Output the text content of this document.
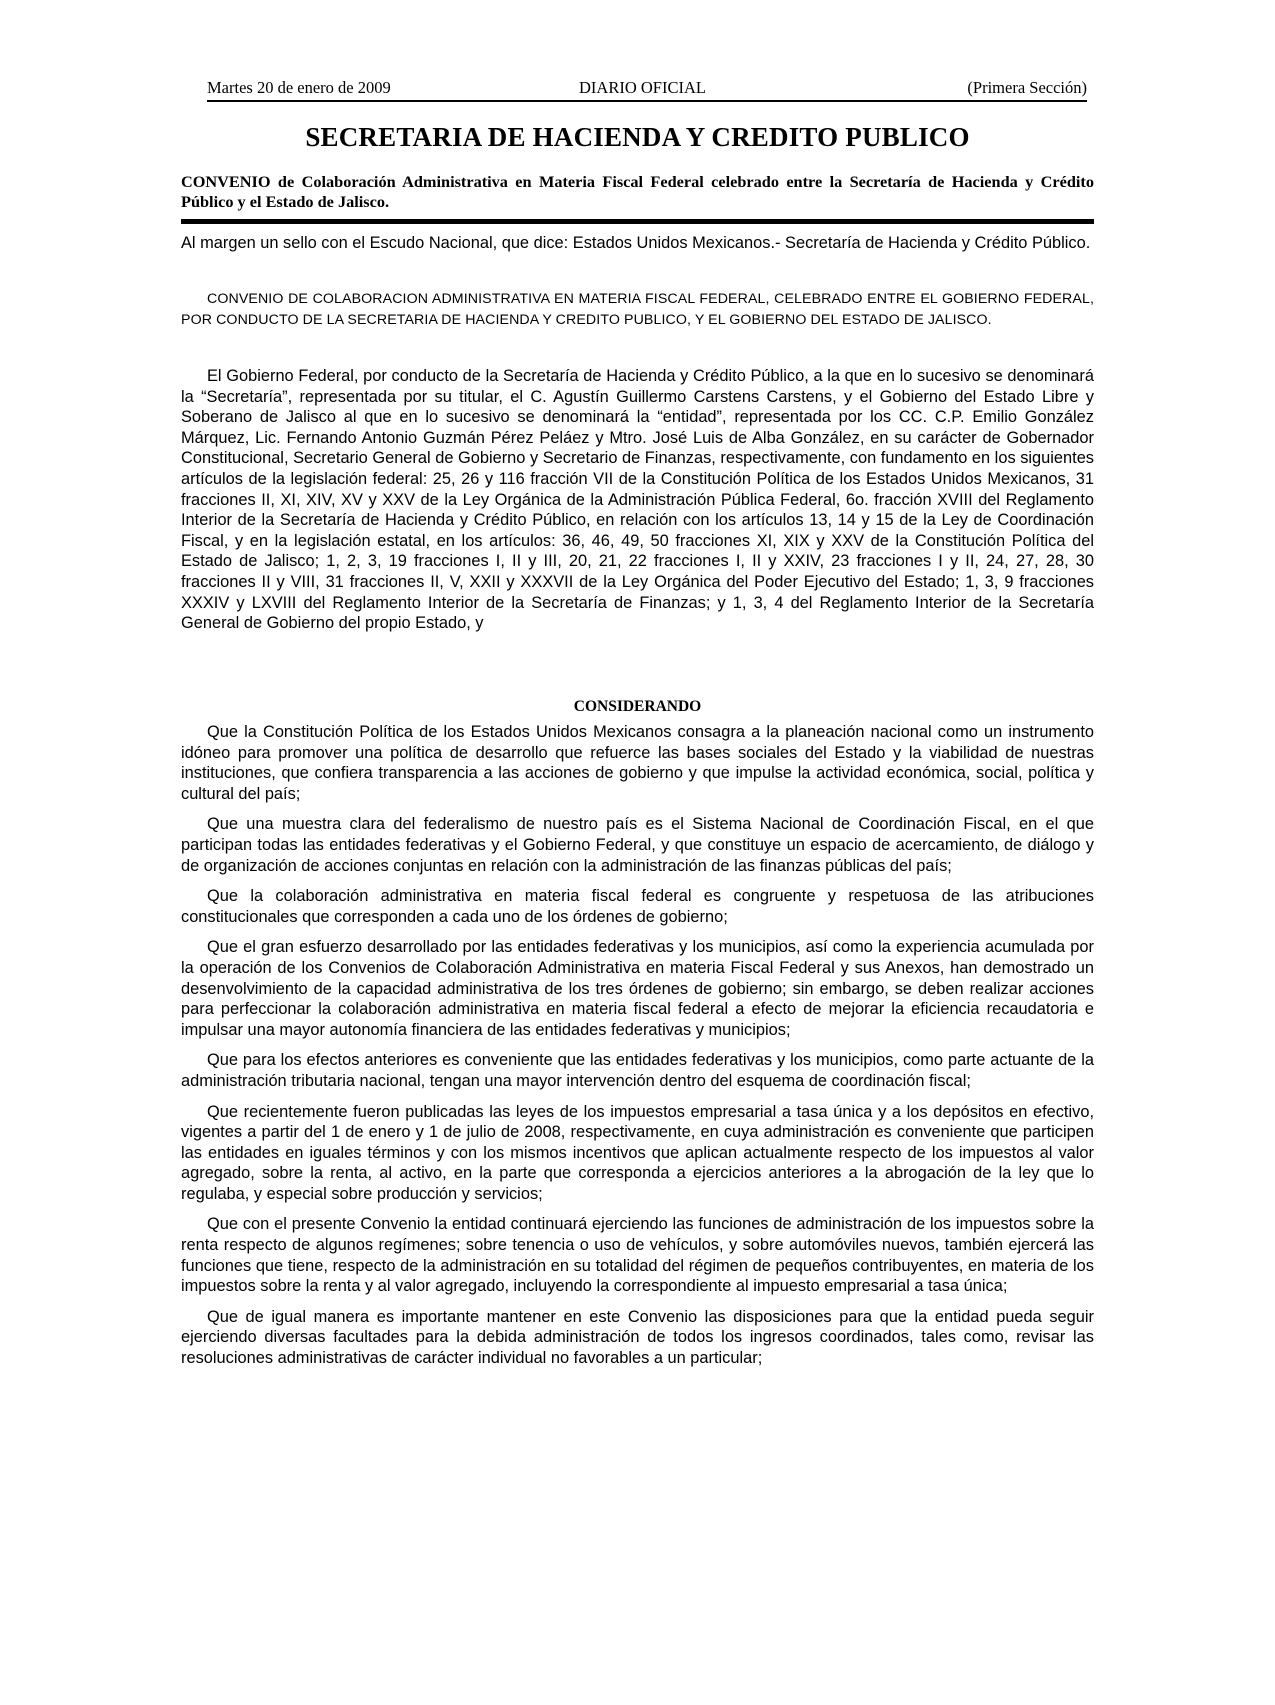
Martes 20 de enero de 2009	DIARIO OFICIAL	(Primera Sección)
SECRETARIA DE HACIENDA Y CREDITO PUBLICO
CONVENIO de Colaboración Administrativa en Materia Fiscal Federal celebrado entre la Secretaría de Hacienda y Crédito Público y el Estado de Jalisco.
Al margen un sello con el Escudo Nacional, que dice: Estados Unidos Mexicanos.- Secretaría de Hacienda y Crédito Público.
CONVENIO DE COLABORACION ADMINISTRATIVA EN MATERIA FISCAL FEDERAL, CELEBRADO ENTRE EL GOBIERNO FEDERAL, POR CONDUCTO DE LA SECRETARIA DE HACIENDA Y CREDITO PUBLICO, Y EL GOBIERNO DEL ESTADO DE JALISCO.
El Gobierno Federal, por conducto de la Secretaría de Hacienda y Crédito Público, a la que en lo sucesivo se denominará la “Secretaría”, representada por su titular, el C. Agustín Guillermo Carstens Carstens, y el Gobierno del Estado Libre y Soberano de Jalisco al que en lo sucesivo se denominará la “entidad”, representada por los CC. C.P. Emilio González Márquez, Lic. Fernando Antonio Guzmán Pérez Peláez y Mtro. José Luis de Alba González, en su carácter de Gobernador Constitucional, Secretario General de Gobierno y Secretario de Finanzas, respectivamente, con fundamento en los siguientes artículos de la legislación federal: 25, 26 y 116 fracción VII de la Constitución Política de los Estados Unidos Mexicanos, 31 fracciones II, XI, XIV, XV y XXV de la Ley Orgánica de la Administración Pública Federal, 6o. fracción XVIII del Reglamento Interior de la Secretaría de Hacienda y Crédito Público, en relación con los artículos 13, 14 y 15 de la Ley de Coordinación Fiscal, y en la legislación estatal, en los artículos: 36, 46, 49, 50 fracciones XI, XIX y XXV de la Constitución Política del Estado de Jalisco; 1, 2, 3, 19 fracciones I, II y III, 20, 21, 22 fracciones I, II y XXIV, 23 fracciones I y II, 24, 27, 28, 30 fracciones II y VIII, 31 fracciones II, V, XXII y XXXVII de la Ley Orgánica del Poder Ejecutivo del Estado; 1, 3, 9 fracciones XXXIV y LXVIII del Reglamento Interior de la Secretaría de Finanzas; y 1, 3, 4 del Reglamento Interior de la Secretaría General de Gobierno del propio Estado, y
CONSIDERANDO

Que la Constitución Política de los Estados Unidos Mexicanos consagra a la planeación nacional como un instrumento idóneo para promover una política de desarrollo que refuerce las bases sociales del Estado y la viabilidad de nuestras instituciones, que confiera transparencia a las acciones de gobierno y que impulse la actividad económica, social, política y cultural del país;

Que una muestra clara del federalismo de nuestro país es el Sistema Nacional de Coordinación Fiscal, en el que participan todas las entidades federativas y el Gobierno Federal, y que constituye un espacio de acercamiento, de diálogo y de organización de acciones conjuntas en relación con la administración de las finanzas públicas del país;

Que la colaboración administrativa en materia fiscal federal es congruente y respetuosa de las atribuciones constitucionales que corresponden a cada uno de los órdenes de gobierno;

Que el gran esfuerzo desarrollado por las entidades federativas y los municipios, así como la experiencia acumulada por la operación de los Convenios de Colaboración Administrativa en materia Fiscal Federal y sus Anexos, han demostrado un desenvolvimiento de la capacidad administrativa de los tres órdenes de gobierno; sin embargo, se deben realizar acciones para perfeccionar la colaboración administrativa en materia fiscal federal a efecto de mejorar la eficiencia recaudatoria e impulsar una mayor autonomía financiera de las entidades federativas y municipios;

Que para los efectos anteriores es conveniente que las entidades federativas y los municipios, como parte actuante de la administración tributaria nacional, tengan una mayor intervención dentro del esquema de coordinación fiscal;

Que recientemente fueron publicadas las leyes de los impuestos empresarial a tasa única y a los depósitos en efectivo, vigentes a partir del 1 de enero y 1 de julio de 2008, respectivamente, en cuya administración es conveniente que participen las entidades en iguales términos y con los mismos incentivos que aplican actualmente respecto de los impuestos al valor agregado, sobre la renta, al activo, en la parte que corresponda a ejercicios anteriores a la abrogación de la ley que lo regulaba, y especial sobre producción y servicios;

Que con el presente Convenio la entidad continuará ejerciendo las funciones de administración de los impuestos sobre la renta respecto de algunos regímenes; sobre tenencia o uso de vehículos, y sobre automóviles nuevos, también ejercerá las funciones que tiene, respecto de la administración en su totalidad del régimen de pequeños contribuyentes, en materia de los impuestos sobre la renta y al valor agregado, incluyendo la correspondiente al impuesto empresarial a tasa única;

Que de igual manera es importante mantener en este Convenio las disposiciones para que la entidad pueda seguir ejerciendo diversas facultades para la debida administración de todos los ingresos coordinados, tales como, revisar las resoluciones administrativas de carácter individual no favorables a un particular;
